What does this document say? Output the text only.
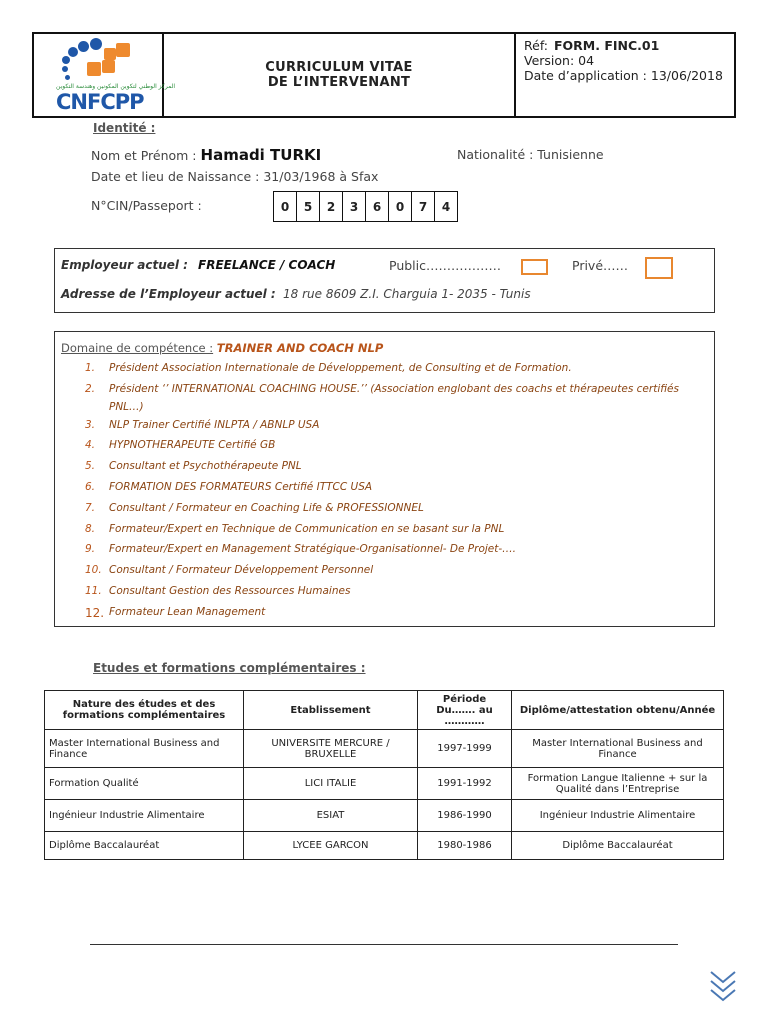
المركز الوطني لتكوين المكونين وهندسة التكوين
CNFCPP
CURRICULUM VITAE
DE L’INTERVENANT
Réf: FORM. FINC.01
Version: 04
Date d’application : 13/06/2018
Identité :
Nom et Prénom : Hamadi TURKI	Nationalité : Tunisienne
Date et lieu de Naissance : 31/03/1968 à Sfax
N°CIN/Passeport :	0	5	2	3	6	0	7	4
Employeur actuel : FREELANCE / COACH	Public………………	Privé……
Adresse de l’Employeur actuel : 18 rue 8609 Z.I. Charguia 1- 2035 - Tunis
Domaine de compétence : TRAINER AND COACH NLP
1.	Président Association Internationale de Développement, de Consulting et de Formation.
2.	Président ‘’ INTERNATIONAL COACHING HOUSE.’’ (Association englobant des coachs et thérapeutes certifiés
PNL…)
3.	NLP Trainer Certifié INLPTA / ABNLP USA
4.	HYPNOTHERAPEUTE Certifié GB
5.	Consultant et Psychothérapeute PNL
6.	FORMATION DES FORMATEURS Certifié ITTCC USA
7.	Consultant / Formateur en Coaching Life & PROFESSIONNEL
8.	Formateur/Expert en Technique de Communication en se basant sur la PNL
9.	Formateur/Expert en Management Stratégique-Organisationnel- De Projet-….
10. Consultant / Formateur Développement Personnel
11. Consultant Gestion des Ressources Humaines
12. Formateur Lean Management
Etudes et formations complémentaires :
Nature des études et des formations complémentaires	Etablissement	Période Du……. au …………	Diplôme/attestation obtenu/Année
Master International Business and Finance	UNIVERSITE MERCURE / BRUXELLE	1997-1999	Master International Business and Finance
Formation Qualité	LICI ITALIE	1991-1992	Formation Langue Italienne + sur la Qualité dans l’Entreprise
Ingénieur Industrie Alimentaire	ESIAT	1986-1990	Ingénieur Industrie Alimentaire
Diplôme Baccalauréat	LYCEE GARCON	1980-1986	Diplôme Baccalauréat
